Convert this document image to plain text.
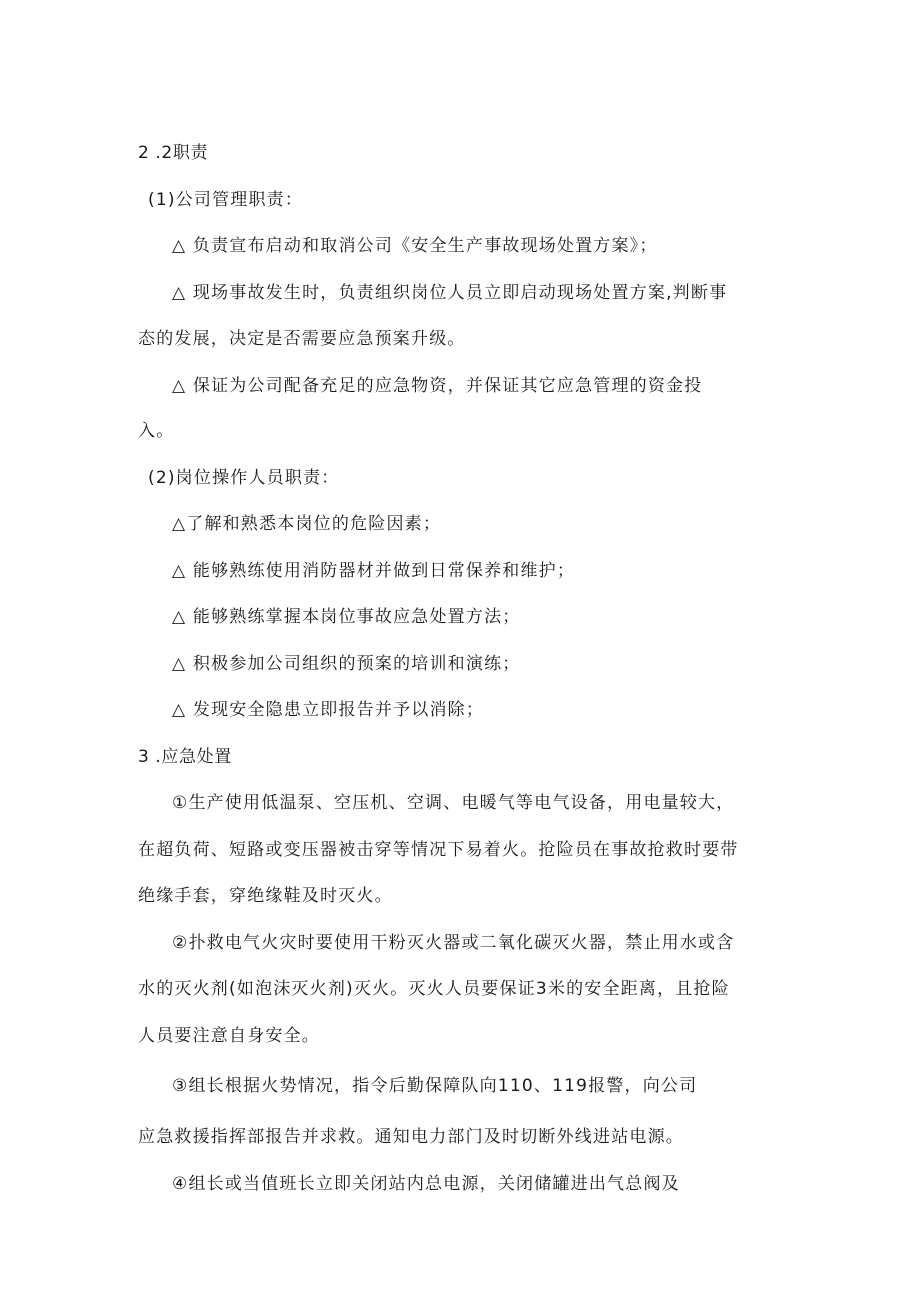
2 .2职责
(1)公司管理职责：
△ 负责宣布启动和取消公司《安全生产事故现场处置方案》；
△ 现场事故发生时，负责组织岗位人员立即启动现场处置方案,判断事
态的发展，决定是否需要应急预案升级。
△ 保证为公司配备充足的应急物资，并保证其它应急管理的资金投
入。
(2)岗位操作人员职责：
△了解和熟悉本岗位的危险因素；
△ 能够熟练使用消防器材并做到日常保养和维护；
△ 能够熟练掌握本岗位事故应急处置方法；
△ 积极参加公司组织的预案的培训和演练；
△ 发现安全隐患立即报告并予以消除；
3 .应急处置
①生产使用低温泵、空压机、空调、电暖气等电气设备，用电量较大，
在超负荷、短路或变压器被击穿等情况下易着火。抢险员在事故抢救时要带
绝缘手套，穿绝缘鞋及时灭火。
②扑救电气火灾时要使用干粉灭火器或二氧化碳灭火器，禁止用水或含
水的灭火剂(如泡沫灭火剂)灭火。灭火人员要保证3米的安全距离，且抢险
人员要注意自身安全。
③组长根据火势情况，指令后勤保障队向110、119报警，向公司
应急救援指挥部报告并求救。通知电力部门及时切断外线进站电源。
④组长或当值班长立即关闭站内总电源，关闭储罐进出气总阀及
